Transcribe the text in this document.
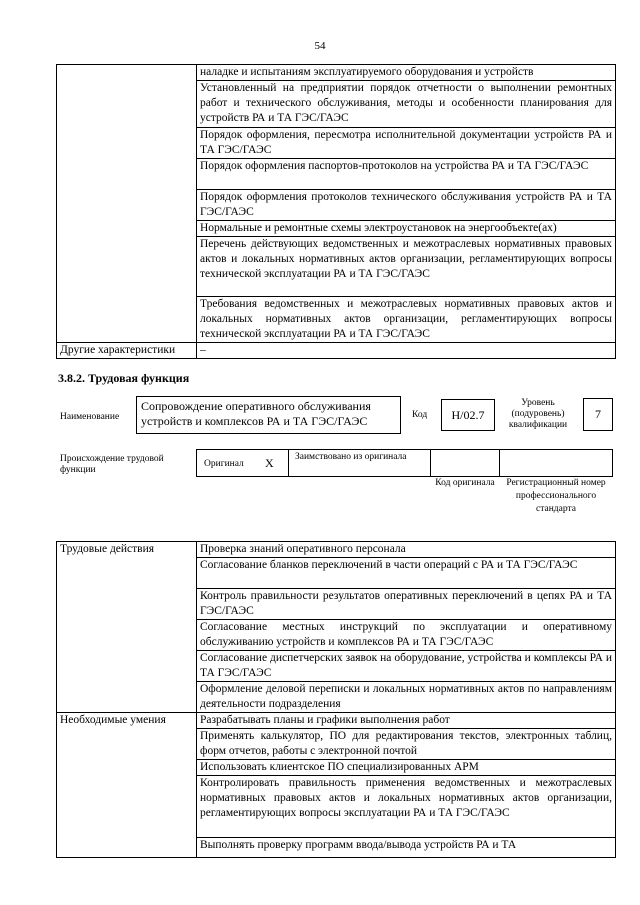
54
	наладке и испытаниям эксплуатируемого оборудования и устройств
	Установленный на предприятии порядок отчетности о выполнении ремонтных работ и технического обслуживания, методы и особенности планирования для устройств РА и ТА ГЭС/ГАЭС
	Порядок оформления, пересмотра исполнительной документации устройств РА и ТА ГЭС/ГАЭС
	Порядок оформления паспортов-протоколов на устройства РА и ТА ГЭС/ГАЭС
	Порядок оформления протоколов технического обслуживания устройств РА и ТА ГЭС/ГАЭС
	Нормальные и ремонтные схемы электроустановок на энергообъекте(ах)
	Перечень действующих ведомственных и межотраслевых нормативных правовых актов и локальных нормативных актов организации, регламентирующих вопросы технической эксплуатации РА и ТА ГЭС/ГАЭС
	Требования ведомственных и межотраслевых нормативных правовых актов и локальных нормативных актов организации, регламентирующих вопросы технической эксплуатации РА и ТА ГЭС/ГАЭС
Другие характеристики	–
3.8.2. Трудовая функция
Наименование
Сопровождение оперативного обслуживания устройств и комплексов РА и ТА ГЭС/ГАЭС	Код	Н/02.7
Уровень (подуровень) квалификации
7
Происхождение трудовой функции
Оригинал X Заимствовано из оригинала
Код оригинала	Регистрационный номер профессионального стандарта
Трудовые действия	Проверка знаний оперативного персонала
	Согласование бланков переключений в части операций с РА и ТА ГЭС/ГАЭС
	Контроль правильности результатов оперативных переключений в цепях РА и ТА ГЭС/ГАЭС
	Согласование местных инструкций по эксплуатации и оперативному обслуживанию устройств и комплексов РА и ТА ГЭС/ГАЭС
	Согласование диспетчерских заявок на оборудование, устройства и комплексы РА и ТА ГЭС/ГАЭС
	Оформление деловой переписки и локальных нормативных актов по направлениям деятельности подразделения
Необходимые умения	Разрабатывать планы и графики выполнения работ
	Применять калькулятор, ПО для редактирования текстов, электронных таблиц, форм отчетов, работы с электронной почтой
	Использовать клиентское ПО специализированных АРМ
	Контролировать правильность применения ведомственных и межотраслевых нормативных правовых актов и локальных нормативных актов организации, регламентирующих вопросы эксплуатации РА и ТА ГЭС/ГАЭС
	Выполнять проверку программ ввода/вывода устройств РА и ТА
